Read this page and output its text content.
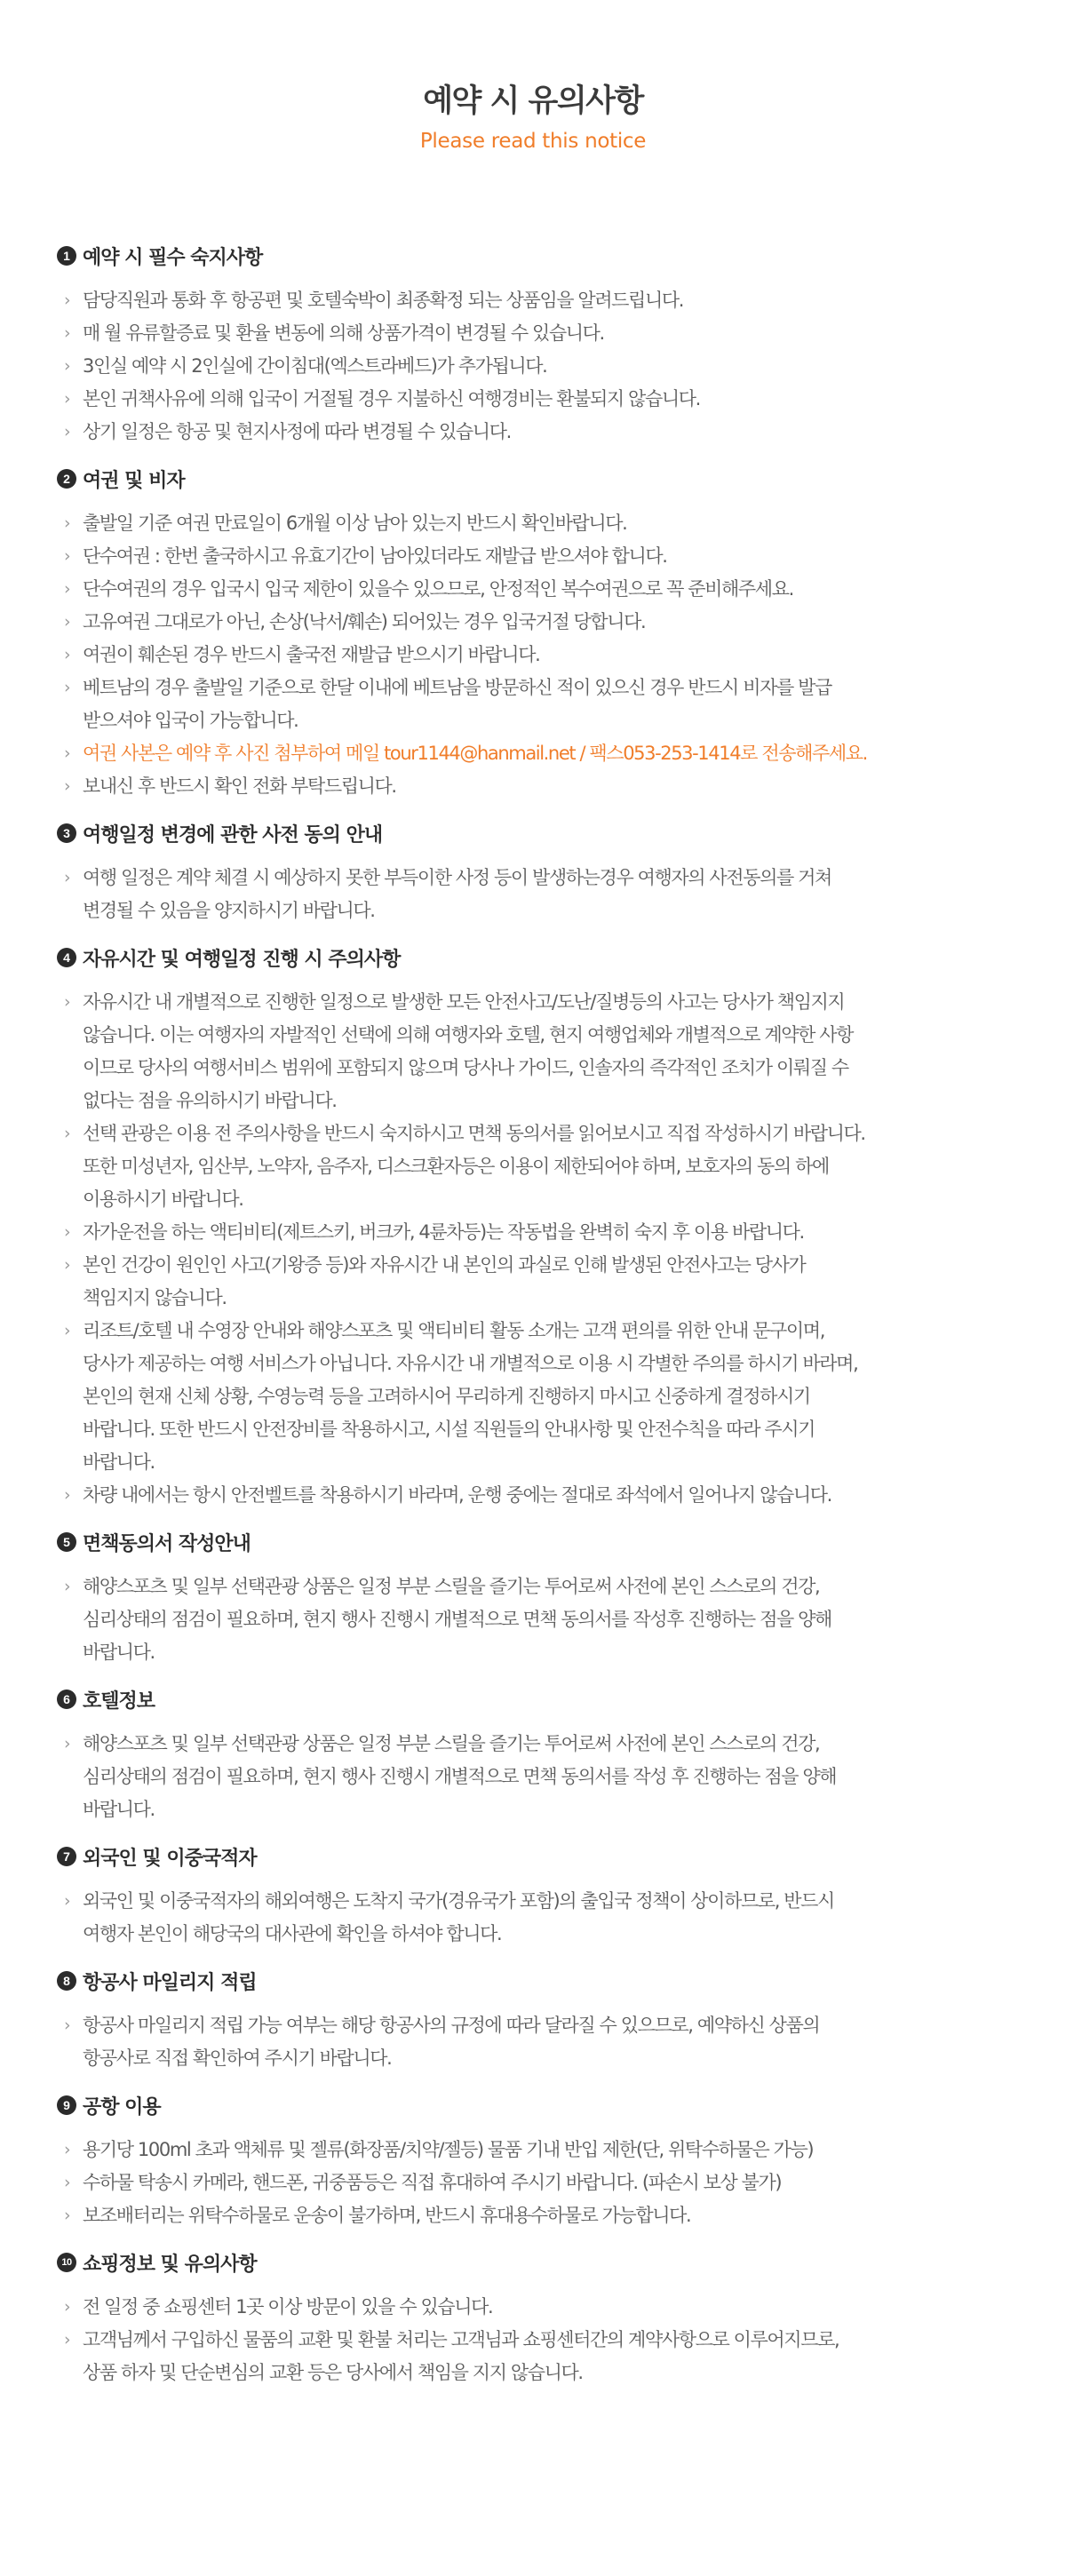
예약 시 유의사항
Please read this notice
1 예약 시 필수 숙지사항
› 담당직원과 통화 후 항공편 및 호텔숙박이 최종확정 되는 상품임을 알려드립니다.
› 매 월 유류할증료 및 환율 변동에 의해 상품가격이 변경될 수 있습니다.
› 3인실 예약 시 2인실에 간이침대(엑스트라베드)가 추가됩니다.
› 본인 귀책사유에 의해 입국이 거절될 경우 지불하신 여행경비는 환불되지 않습니다.
› 상기 일정은 항공 및 현지사정에 따라 변경될 수 있습니다.
2 여권 및 비자
› 출발일 기준 여권 만료일이 6개월 이상 남아 있는지 반드시 확인바랍니다.
› 단수여권 : 한번 출국하시고 유효기간이 남아있더라도 재발급 받으셔야 합니다.
› 단수여권의 경우 입국시 입국 제한이 있을수 있으므로, 안정적인 복수여권으로 꼭 준비해주세요.
› 고유여권 그대로가 아닌, 손상(낙서/훼손) 되어있는 경우 입국거절 당합니다.
› 여권이 훼손된 경우 반드시 출국전 재발급 받으시기 바랍니다.
› 베트남의 경우 출발일 기준으로 한달 이내에 베트남을 방문하신 적이 있으신 경우 반드시 비자를 발급
받으셔야 입국이 가능합니다.
› 여권 사본은 예약 후 사진 첨부하여 메일 tour1144@hanmail.net / 팩스053-253-1414로 전송해주세요.
› 보내신 후 반드시 확인 전화 부탁드립니다.
3 여행일정 변경에 관한 사전 동의 안내
› 여행 일정은 계약 체결 시 예상하지 못한 부득이한 사정 등이 발생하는경우 여행자의 사전동의를 거쳐
변경될 수 있음을 양지하시기 바랍니다.
4 자유시간 및 여행일정 진행 시 주의사항
› 자유시간 내 개별적으로 진행한 일정으로 발생한 모든 안전사고/도난/질병등의 사고는 당사가 책임지지
않습니다. 이는 여행자의 자발적인 선택에 의해 여행자와 호텔, 현지 여행업체와 개별적으로 계약한 사항
이므로 당사의 여행서비스 범위에 포함되지 않으며 당사나 가이드, 인솔자의 즉각적인 조치가 이뤄질 수
없다는 점을 유의하시기 바랍니다.
› 선택 관광은 이용 전 주의사항을 반드시 숙지하시고 면책 동의서를 읽어보시고 직접 작성하시기 바랍니다.
또한 미성년자, 임산부, 노약자, 음주자, 디스크환자등은 이용이 제한되어야 하며, 보호자의 동의 하에
이용하시기 바랍니다.
› 자가운전을 하는 액티비티(제트스키, 버크카, 4륜차등)는 작동법을 완벽히 숙지 후 이용 바랍니다.
› 본인 건강이 원인인 사고(기왕증 등)와 자유시간 내 본인의 과실로 인해 발생된 안전사고는 당사가
책임지지 않습니다.
› 리조트/호텔 내 수영장 안내와 해양스포츠 및 액티비티 활동 소개는 고객 편의를 위한 안내 문구이며,
당사가 제공하는 여행 서비스가 아닙니다. 자유시간 내 개별적으로 이용 시 각별한 주의를 하시기 바라며,
본인의 현재 신체 상황, 수영능력 등을 고려하시어 무리하게 진행하지 마시고 신중하게 결정하시기
바랍니다. 또한 반드시 안전장비를 착용하시고, 시설 직원들의 안내사항 및 안전수칙을 따라 주시기
바랍니다.
› 차량 내에서는 항시 안전벨트를 착용하시기 바라며, 운행 중에는 절대로 좌석에서 일어나지 않습니다.
5 면책동의서 작성안내
› 해양스포츠 및 일부 선택관광 상품은 일정 부분 스릴을 즐기는 투어로써 사전에 본인 스스로의 건강,
심리상태의 점검이 필요하며, 현지 행사 진행시 개별적으로 면책 동의서를 작성후 진행하는 점을 양해
바랍니다.
6 호텔정보
› 해양스포츠 및 일부 선택관광 상품은 일정 부분 스릴을 즐기는 투어로써 사전에 본인 스스로의 건강,
심리상태의 점검이 필요하며, 현지 행사 진행시 개별적으로 면책 동의서를 작성 후 진행하는 점을 양해
바랍니다.
7 외국인 및 이중국적자
› 외국인 및 이중국적자의 해외여행은 도착지 국가(경유국가 포함)의 출입국 정책이 상이하므로, 반드시
여행자 본인이 해당국의 대사관에 확인을 하셔야 합니다.
8 항공사 마일리지 적립
› 항공사 마일리지 적립 가능 여부는 해당 항공사의 규정에 따라 달라질 수 있으므로, 예약하신 상품의
항공사로 직접 확인하여 주시기 바랍니다.
9 공항 이용
› 용기당 100ml 초과 액체류 및 젤류(화장품/치약/젤등) 물품 기내 반입 제한(단, 위탁수하물은 가능)
› 수하물 탁송시 카메라, 핸드폰, 귀중품등은 직접 휴대하여 주시기 바랍니다. (파손시 보상 불가)
› 보조배터리는 위탁수하물로 운송이 불가하며, 반드시 휴대용수하물로 가능합니다.
10 쇼핑정보 및 유의사항
› 전 일정 중 쇼핑센터 1곳 이상 방문이 있을 수 있습니다.
› 고객님께서 구입하신 물품의 교환 및 환불 처리는 고객님과 쇼핑센터간의 계약사항으로 이루어지므로,
상품 하자 및 단순변심의 교환 등은 당사에서 책임을 지지 않습니다.
